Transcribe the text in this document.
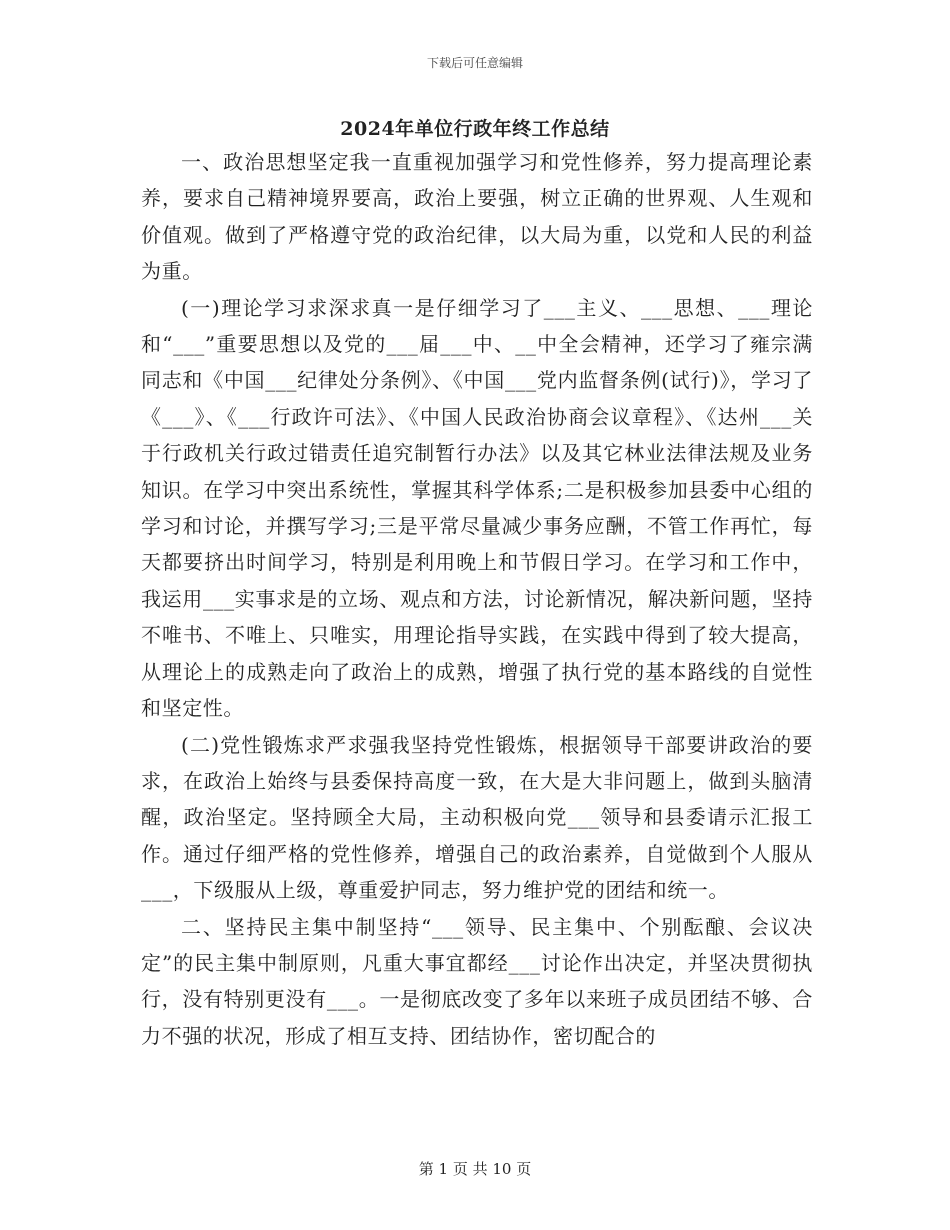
下载后可任意编辑
2024年单位行政年终工作总结

一、政治思想坚定我一直重视加强学习和党性修养，努力提高理论素养，要求自己精神境界要高，政治上要强，树立正确的世界观、人生观和价值观。做到了严格遵守党的政治纪律，以大局为重，以党和人民的利益为重。

(一)理论学习求深求真一是仔细学习了___主义、___思想、___理论和“___”重要思想以及党的___届___中、__中全会精神，还学习了雍宗满同志和《中国___纪律处分条例》、《中国___党内监督条例(试行)》，学习了《___》、《___行政许可法》、《中国人民政治协商会议章程》、《达州___关于行政机关行政过错责任追究制暂行办法》以及其它林业法律法规及业务知识。在学习中突出系统性，掌握其科学体系;二是积极参加县委中心组的学习和讨论，并撰写学习;三是平常尽量减少事务应酬，不管工作再忙，每天都要挤出时间学习，特别是利用晚上和节假日学习。在学习和工作中，我运用___实事求是的立场、观点和方法，讨论新情况，解决新问题，坚持不唯书、不唯上、只唯实，用理论指导实践，在实践中得到了较大提高，从理论上的成熟走向了政治上的成熟，增强了执行党的基本路线的自觉性和坚定性。

(二)党性锻炼求严求强我坚持党性锻炼，根据领导干部要讲政治的要求，在政治上始终与县委保持高度一致，在大是大非问题上，做到头脑清醒，政治坚定。坚持顾全大局，主动积极向党___领导和县委请示汇报工作。通过仔细严格的党性修养，增强自己的政治素养，自觉做到个人服从___，下级服从上级，尊重爱护同志，努力维护党的团结和统一。

二、坚持民主集中制坚持“___领导、民主集中、个别酝酿、会议决定”的民主集中制原则，凡重大事宜都经___讨论作出决定，并坚决贯彻执行，没有特别更没有___。一是彻底改变了多年以来班子成员团结不够、合力不强的状况，形成了相互支持、团结协作，密切配合的

第 1 页 共 10 页
